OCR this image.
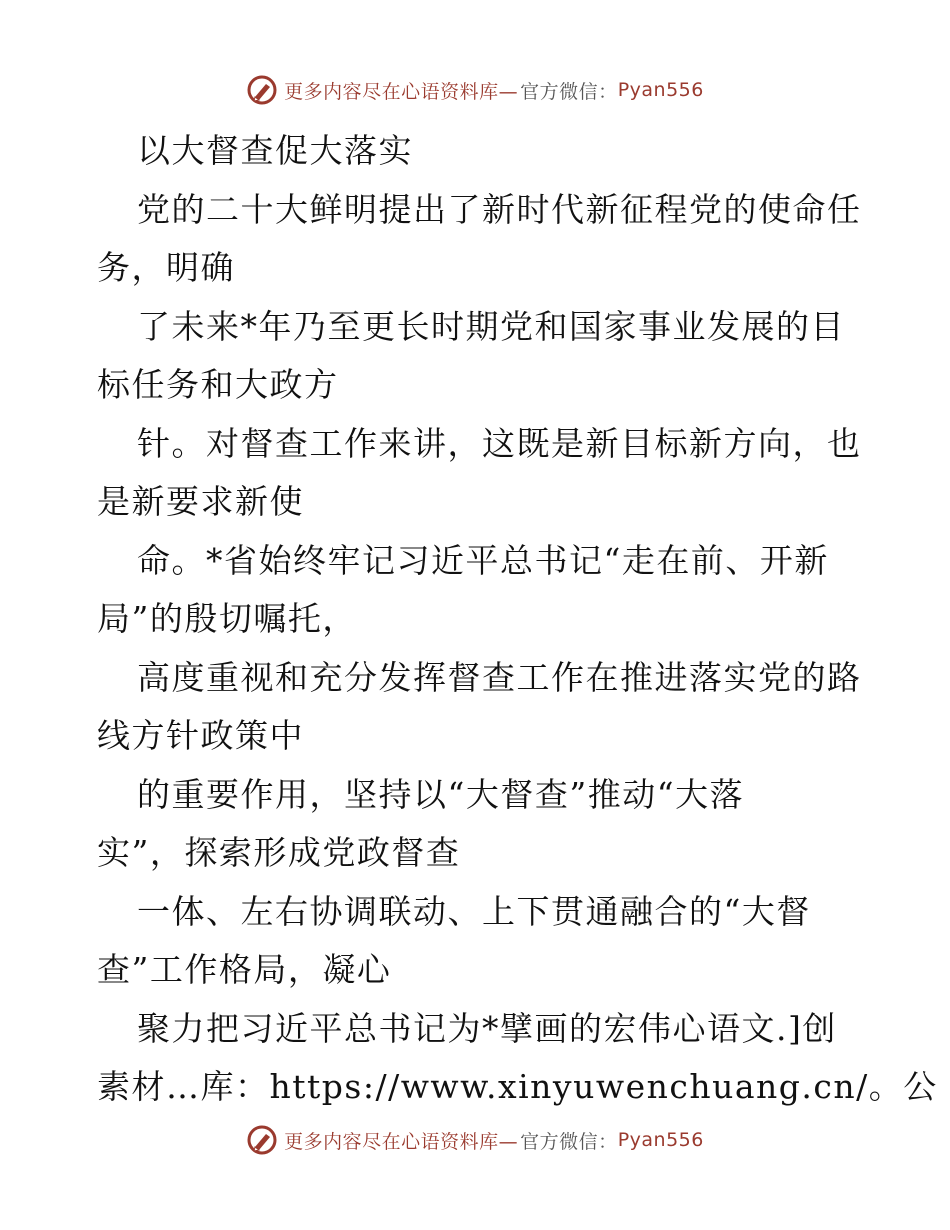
更多内容尽在心语资料库— 官方微信： Pyan556
以大督查促大落实
党的二十大鲜明提出了新时代新征程党的使命任
务，明确
了未来*年乃至更长时期党和国家事业发展的目
标任务和大政方
针。对督查工作来讲，这既是新目标新方向，也
是新要求新使
命。*省始终牢记习近平总书记“走在前、开新
局”的殷切嘱托，
高度重视和充分发挥督查工作在推进落实党的路
线方针政策中
的重要作用，坚持以“大督查”推动“大落
实”，探索形成党政督查
一体、左右协调联动、上下贯通融合的“大督
查”工作格局，凝心
聚力把习近平总书记为*擘画的宏伟心语文.]创
素材…库：https://www.xinyuwenchuang.cn/。公
更多内容尽在心语资料库— 官方微信： Pyan556
